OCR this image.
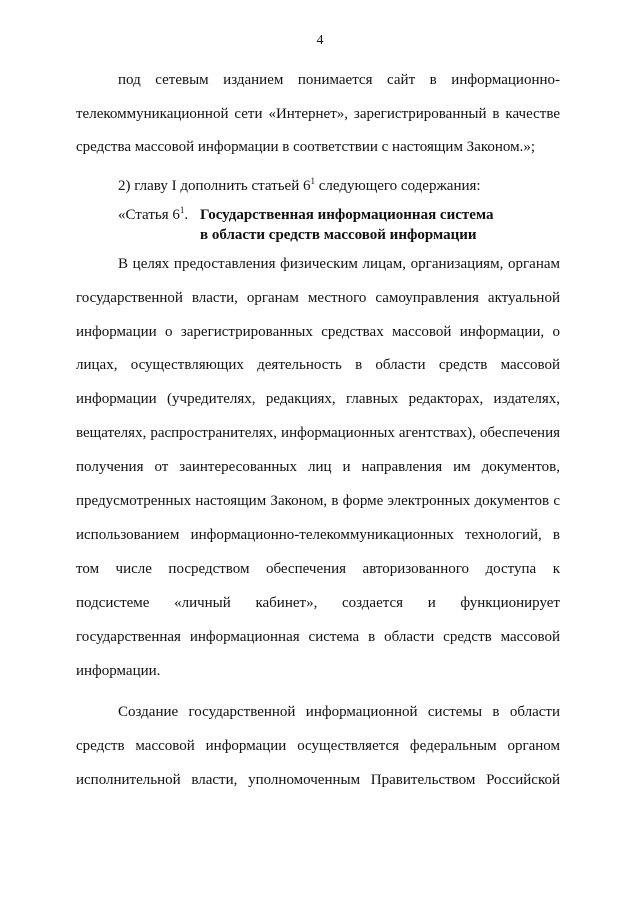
4
под сетевым изданием понимается сайт в информационно-
телекоммуникационной сети «Интернет», зарегистрированный в качестве
средства массовой информации в соответствии с настоящим Законом.»;
2) главу I дополнить статьей $6^1$ следующего содержания:
«Статья $6^1$. Государственная информационная система
в области средств массовой информации
В целях предоставления физическим лицам, организациям, органам
государственной власти, органам местного самоуправления актуальной
информации о зарегистрированных средствах массовой информации, о
лицах, осуществляющих деятельность в области средств массовой
информации (учредителях, редакциях, главных редакторах, издателях,
вещателях, распространителях, информационных агентствах), обеспечения
получения от заинтересованных лиц и направления им документов,
предусмотренных настоящим Законом, в форме электронных документов с
использованием информационно-телекоммуникационных технологий, в
том числе посредством обеспечения авторизованного доступа к
подсистеме «личный кабинет», создается и функционирует
государственная информационная система в области средств массовой
информации.
Создание государственной информационной системы в области
средств массовой информации осуществляется федеральным органом
исполнительной власти, уполномоченным Правительством Российской
